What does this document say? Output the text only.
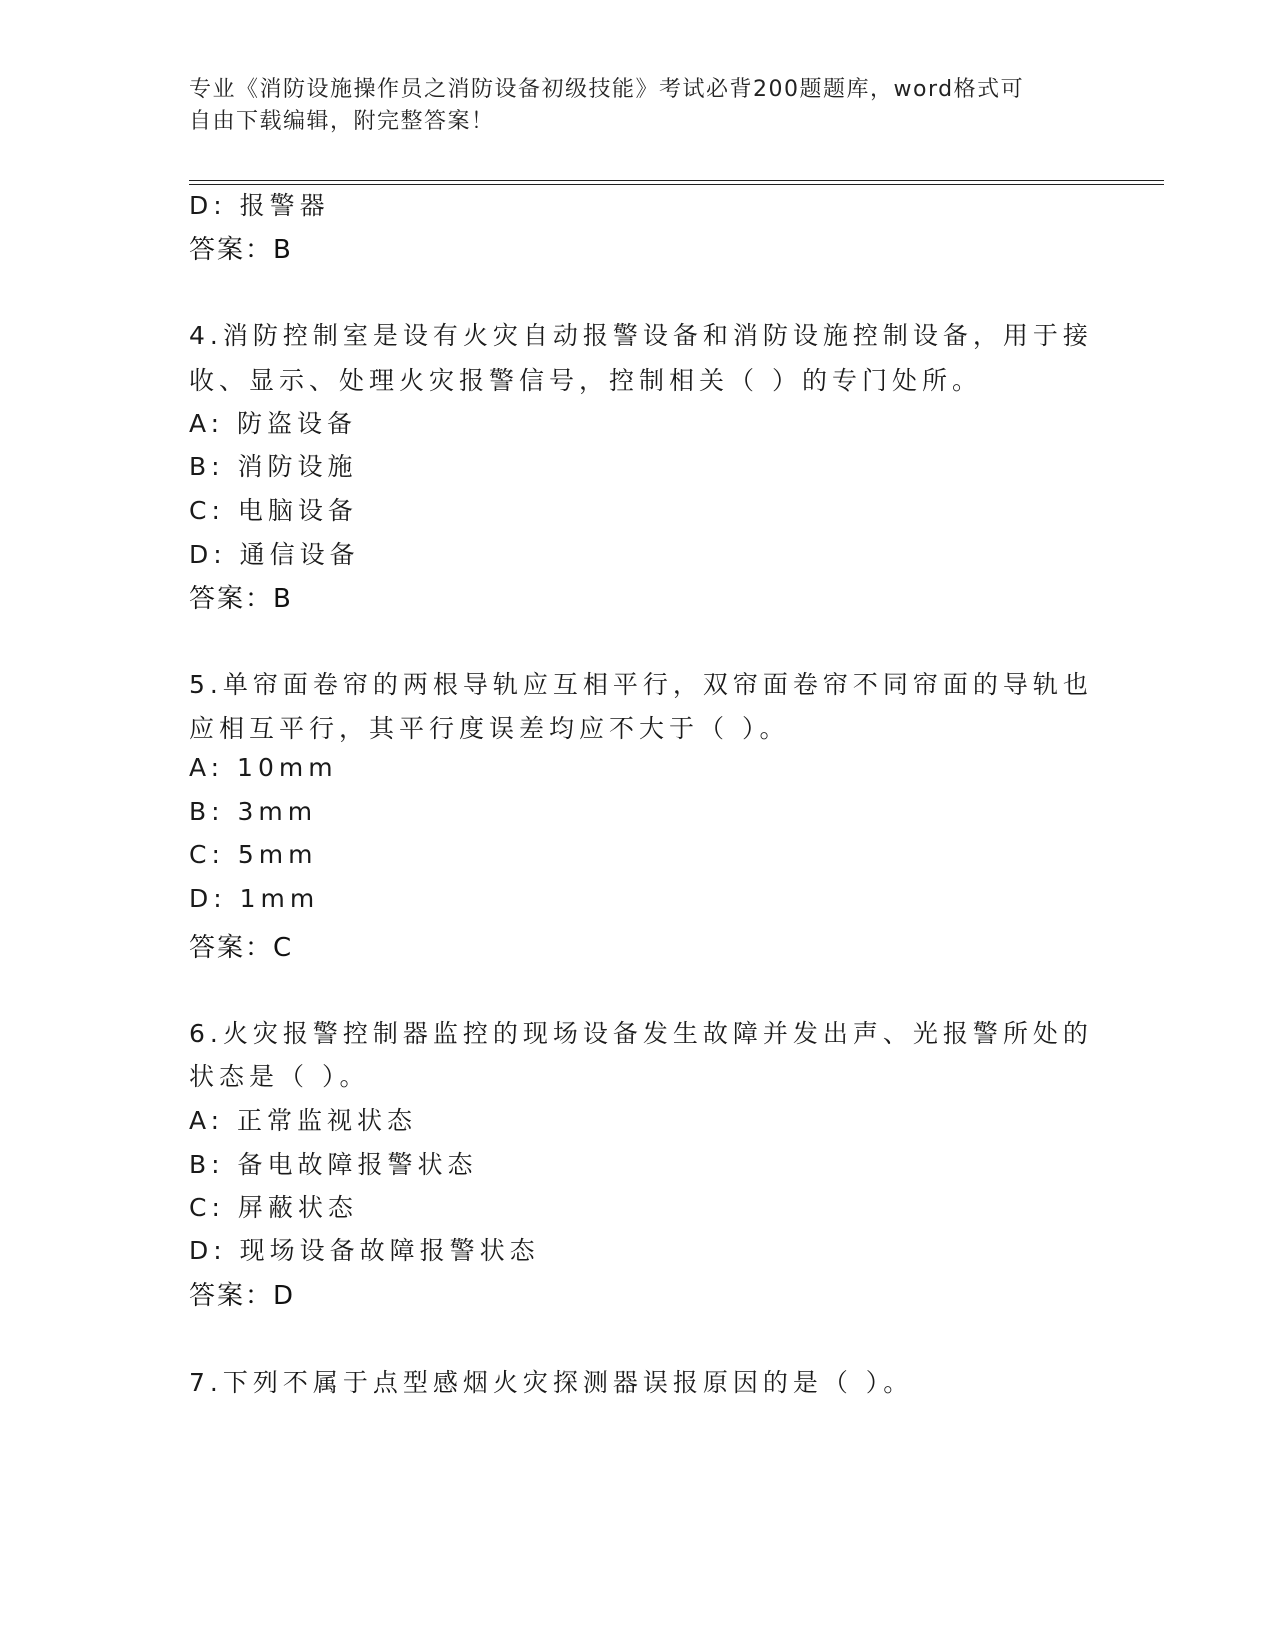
专业《消防设施操作员之消防设备初级技能》考试必背200题题库，word格式可
自由下载编辑，附完整答案！
D: 报警器
答案：B
4.消防控制室是设有火灾自动报警设备和消防设施控制设备，用于接
收、显示、处理火灾报警信号，控制相关（ ）的专门处所。
A: 防盗设备
B: 消防设施
C: 电脑设备
D: 通信设备
答案：B
5.单帘面卷帘的两根导轨应互相平行，双帘面卷帘不同帘面的导轨也
应相互平行，其平行度误差均应不大于（ ）。
A: 10mm
B: 3mm
C: 5mm
D: 1mm
答案：C
6.火灾报警控制器监控的现场设备发生故障并发出声、光报警所处的
状态是（ ）。
A: 正常监视状态
B: 备电故障报警状态
C: 屏蔽状态
D: 现场设备故障报警状态
答案：D
7.下列不属于点型感烟火灾探测器误报原因的是（ ）。
